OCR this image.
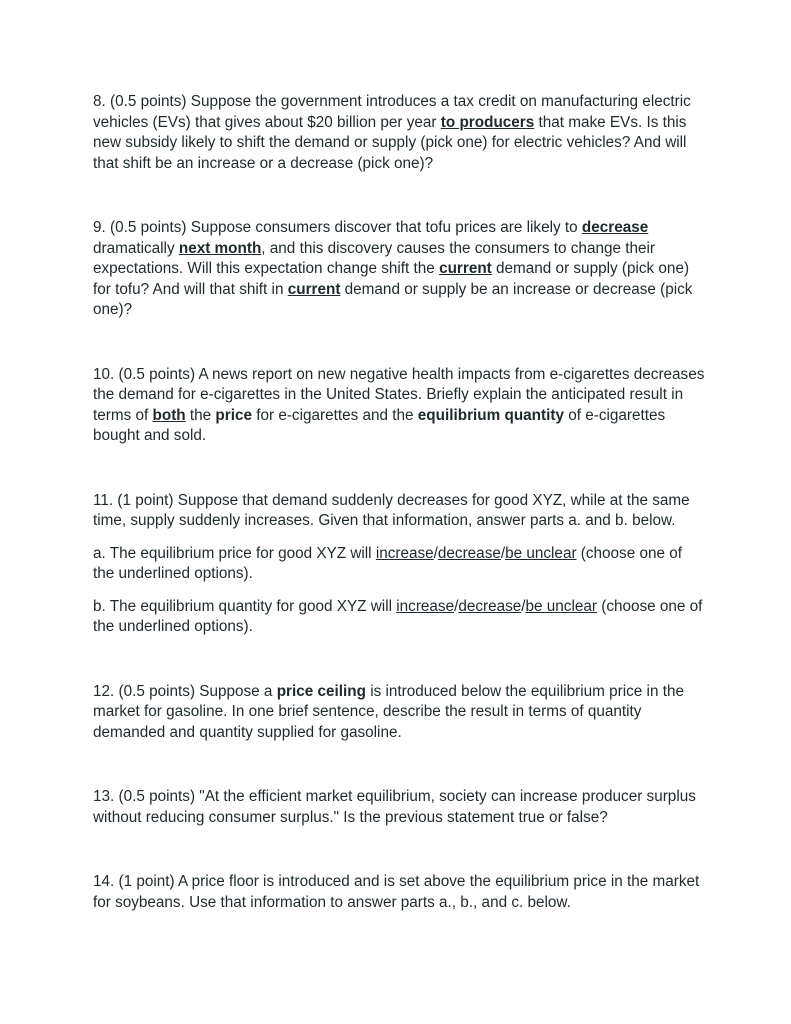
8. (0.5 points) Suppose the government introduces a tax credit on manufacturing electric vehicles (EVs) that gives about $20 billion per year to producers that make EVs. Is this new subsidy likely to shift the demand or supply (pick one) for electric vehicles? And will that shift be an increase or a decrease (pick one)?

9. (0.5 points) Suppose consumers discover that tofu prices are likely to decrease dramatically next month, and this discovery causes the consumers to change their expectations. Will this expectation change shift the current demand or supply (pick one) for tofu? And will that shift in current demand or supply be an increase or decrease (pick one)?

10. (0.5 points) A news report on new negative health impacts from e-cigarettes decreases the demand for e-cigarettes in the United States. Briefly explain the anticipated result in terms of both the price for e-cigarettes and the equilibrium quantity of e-cigarettes bought and sold.

11. (1 point) Suppose that demand suddenly decreases for good XYZ, while at the same time, supply suddenly increases. Given that information, answer parts a. and b. below.

a. The equilibrium price for good XYZ will increase/decrease/be unclear (choose one of the underlined options).

b. The equilibrium quantity for good XYZ will increase/decrease/be unclear (choose one of the underlined options).

12. (0.5 points) Suppose a price ceiling is introduced below the equilibrium price in the market for gasoline. In one brief sentence, describe the result in terms of quantity demanded and quantity supplied for gasoline.

13. (0.5 points) "At the efficient market equilibrium, society can increase producer surplus without reducing consumer surplus." Is the previous statement true or false?

14. (1 point) A price floor is introduced and is set above the equilibrium price in the market for soybeans. Use that information to answer parts a., b., and c. below.
